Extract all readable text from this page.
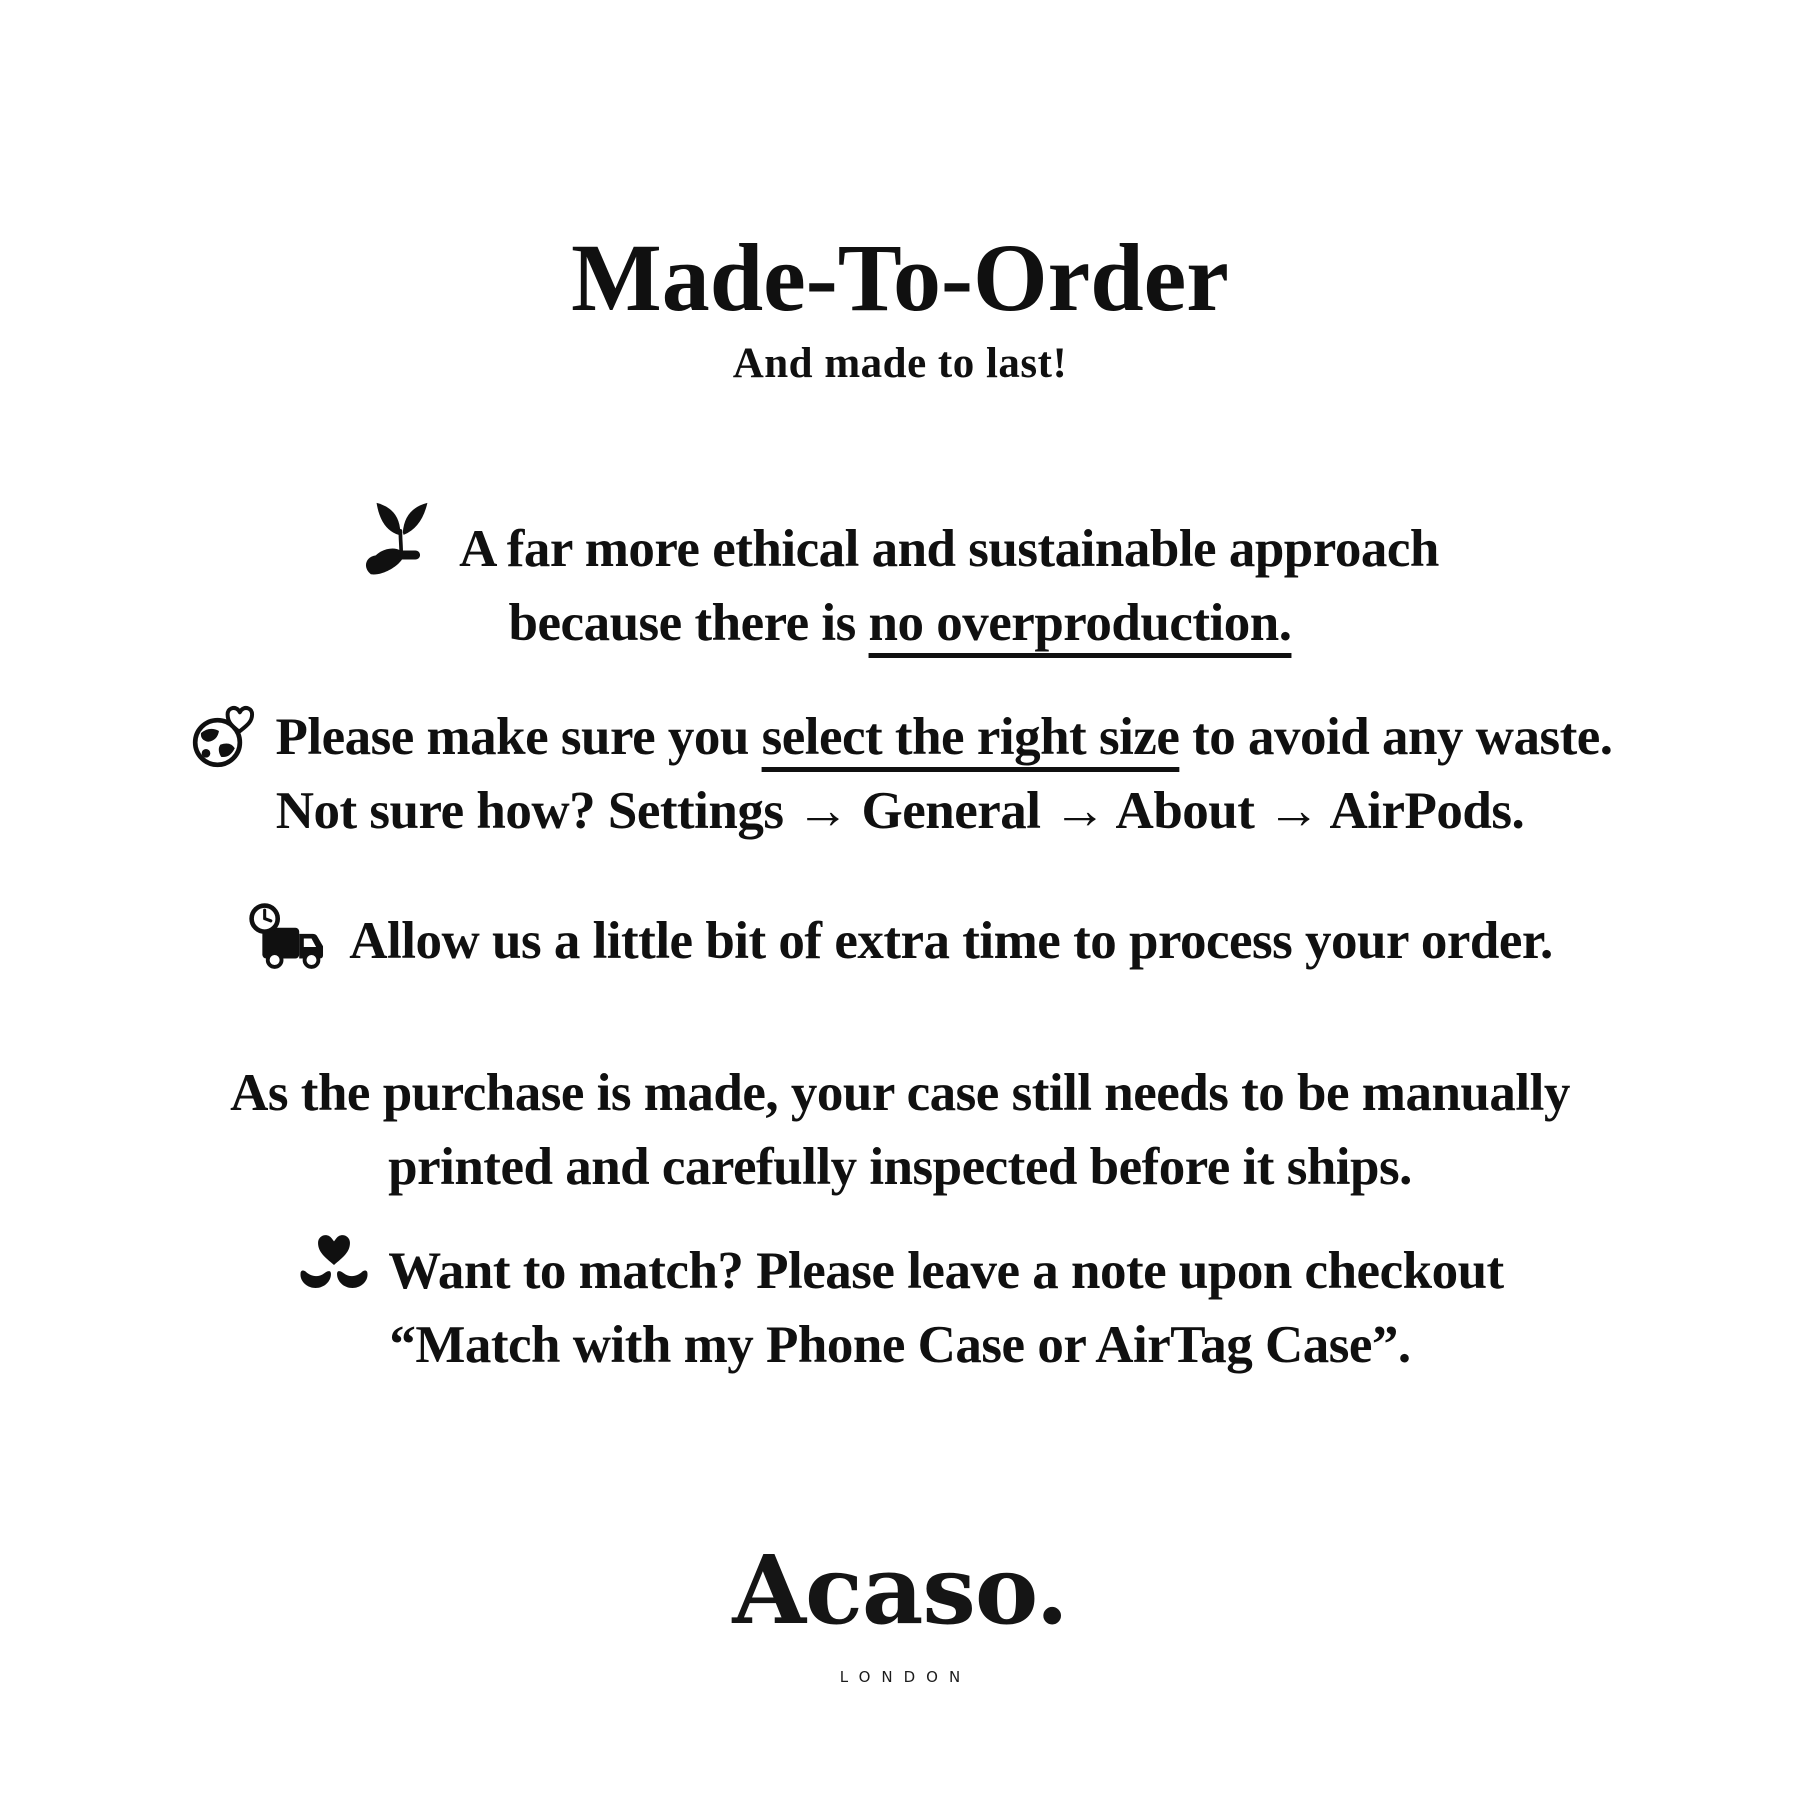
Made-To-Order
And made to last!
A far more ethical and sustainable approach
because there is no overproduction.
Please make sure you select the right size to avoid any waste.
Not sure how? Settings → General → About → AirPods.
Allow us a little bit of extra time to process your order.
As the purchase is made, your case still needs to be manually
printed and carefully inspected before it ships.
Want to match? Please leave a note upon checkout
“Match with my Phone Case or AirTag Case”.
Acaso.
LONDON
